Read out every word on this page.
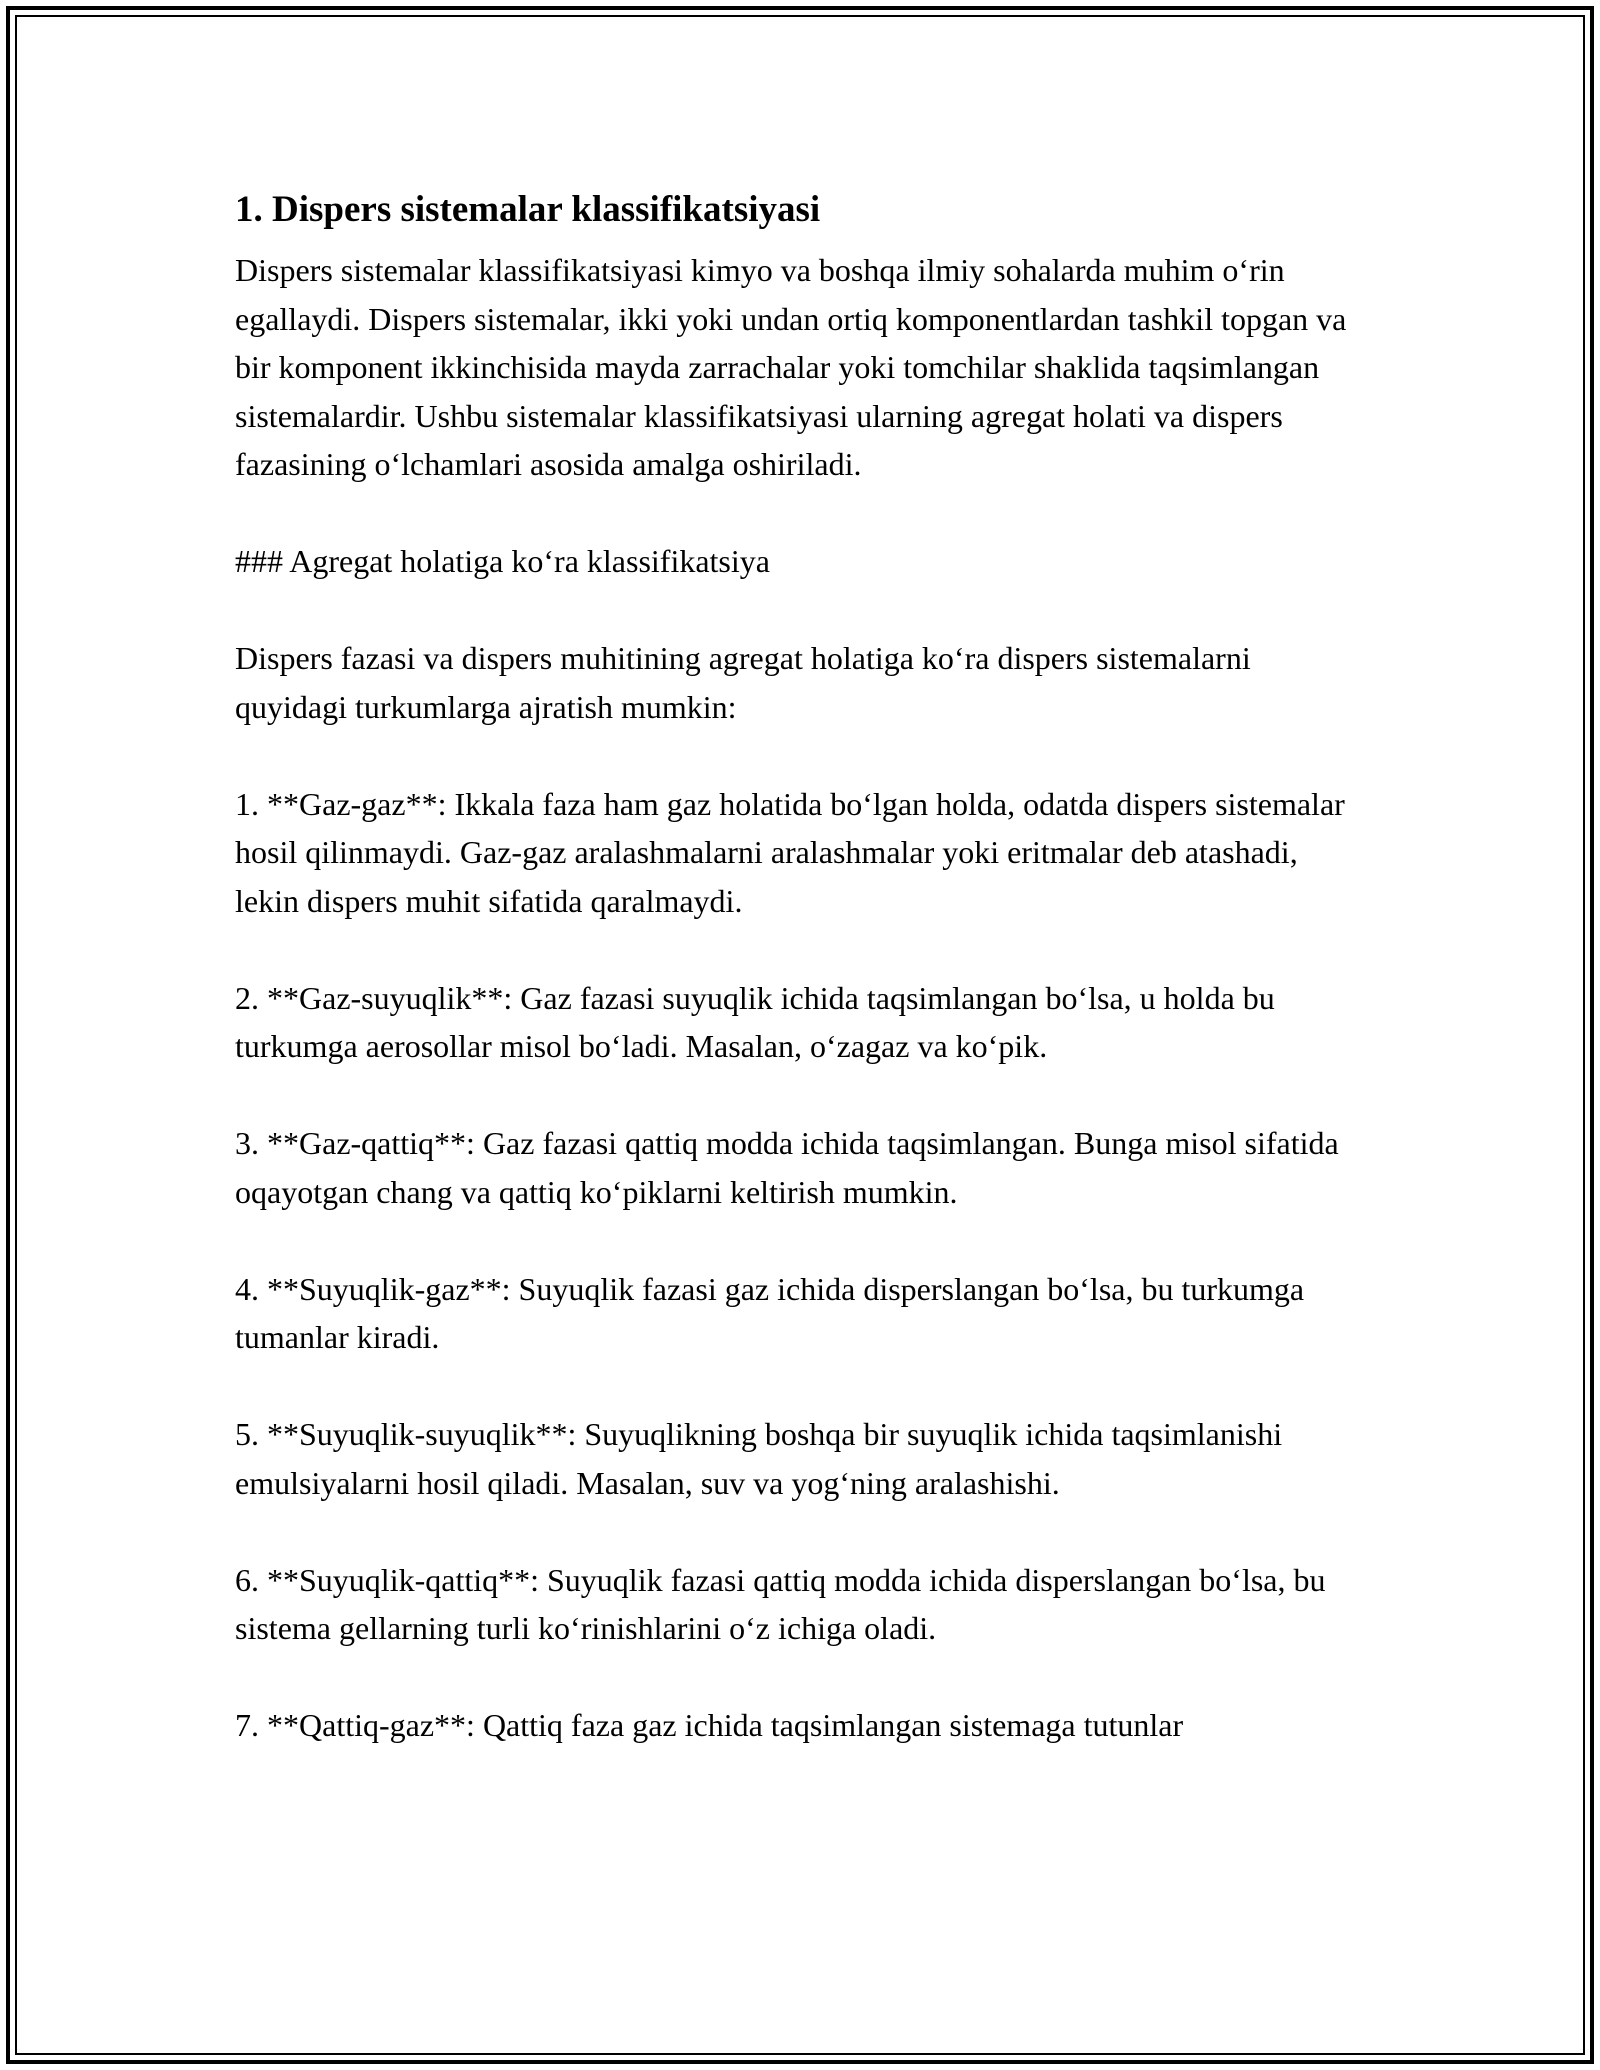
1. Dispers sistemalar klassifikatsiyasi

Dispers sistemalar klassifikatsiyasi kimyo va boshqa ilmiy sohalarda muhim o‘rin egallaydi. Dispers sistemalar, ikki yoki undan ortiq komponentlardan tashkil topgan va bir komponent ikkinchisida mayda zarrachalar yoki tomchilar shaklida taqsimlangan sistemalardir. Ushbu sistemalar klassifikatsiyasi ularning agregat holati va dispers fazasining o‘lchamlari asosida amalga oshiriladi.

### Agregat holatiga ko‘ra klassifikatsiya

Dispers fazasi va dispers muhitining agregat holatiga ko‘ra dispers sistemalarni quyidagi turkumlarga ajratish mumkin:

1. **Gaz-gaz**: Ikkala faza ham gaz holatida bo‘lgan holda, odatda dispers sistemalar hosil qilinmaydi. Gaz-gaz aralashmalarni aralashmalar yoki eritmalar deb atashadi, lekin dispers muhit sifatida qaralmaydi.

2. **Gaz-suyuqlik**: Gaz fazasi suyuqlik ichida taqsimlangan bo‘lsa, u holda bu turkumga aerosollar misol bo‘ladi. Masalan, o‘zagaz va ko‘pik.

3. **Gaz-qattiq**: Gaz fazasi qattiq modda ichida taqsimlangan. Bunga misol sifatida oqayotgan chang va qattiq ko‘piklarni keltirish mumkin.

4. **Suyuqlik-gaz**: Suyuqlik fazasi gaz ichida disperslangan bo‘lsa, bu turkumga tumanlar kiradi.

5. **Suyuqlik-suyuqlik**: Suyuqlikning boshqa bir suyuqlik ichida taqsimlanishi emulsiyalarni hosil qiladi. Masalan, suv va yog‘ning aralashishi.

6. **Suyuqlik-qattiq**: Suyuqlik fazasi qattiq modda ichida disperslangan bo‘lsa, bu sistema gellarning turli ko‘rinishlarini o‘z ichiga oladi.

7. **Qattiq-gaz**: Qattiq faza gaz ichida taqsimlangan sistemaga tutunlar
